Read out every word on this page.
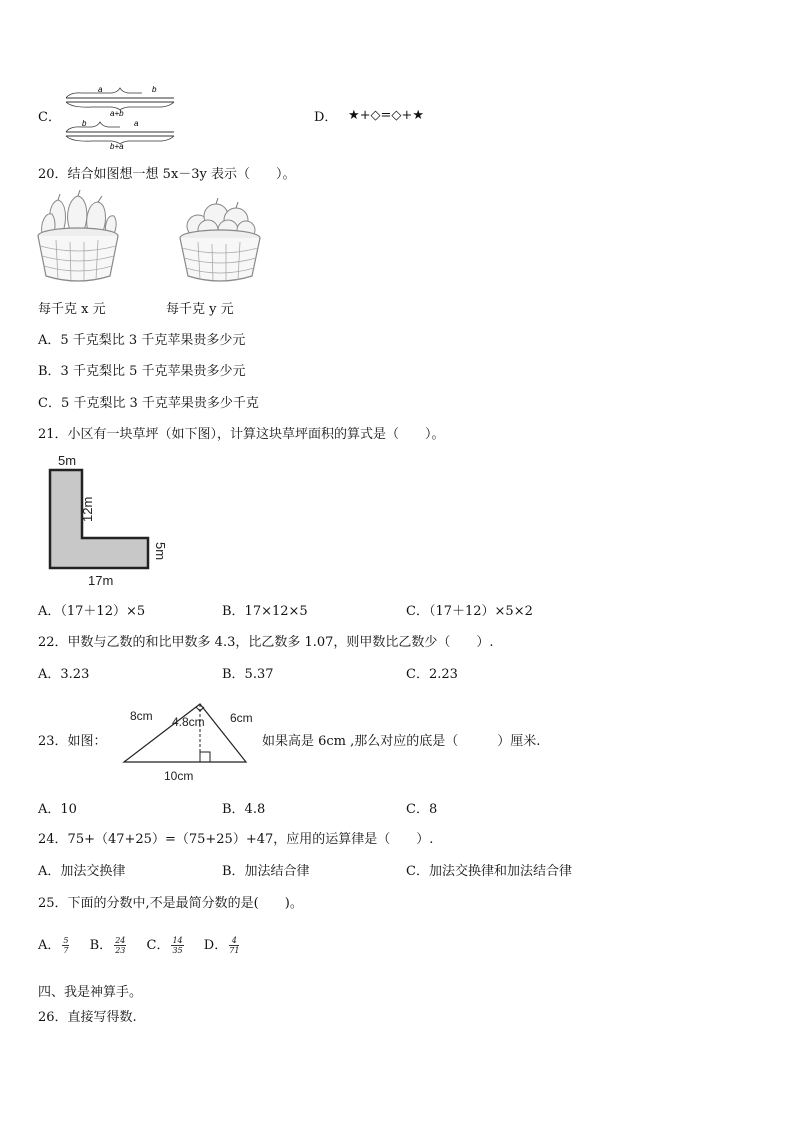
C．
a	b
a+b
b	a
b+a
D． ★+◇=◇+★
20．结合如图想一想 5x－3y 表示（　　）。
每千克 x 元	每千克 y 元
A．5 千克梨比 3 千克苹果贵多少元
B．3 千克梨比 5 千克苹果贵多少元
C．5 千克梨比 3 千克苹果贵多少千克
21．小区有一块草坪（如下图），计算这块草坪面积的算式是（　　）。
5m
12m
5m
17m
A．（17＋12）×5	B．17×12×5	C．（17＋12）×5×2
22．甲数与乙数的和比甲数多 4.3，比乙数多 1.07，则甲数比乙数少（　　）.
A．3.23	B．5.37	C．2.23
23．如图：
8cm 4.8cm 6cm
10cm
如果高是 6cm ,那么对应的底是（　　　）厘米.
A．10	B．4.8	C．8
24．75+（47+25）=（75+25）+47，应用的运算律是（　　）.
A．加法交换律	B．加法结合律	C．加法交换律和加法结合律
25．下面的分数中,不是最简分数的是(　　)。
A． $\frac{5}{7}$ B． $\frac{24}{23}$ C． $\frac{14}{35}$ D． $\frac{4}{71}$
四、我是神算手。
26．直接写得数.
